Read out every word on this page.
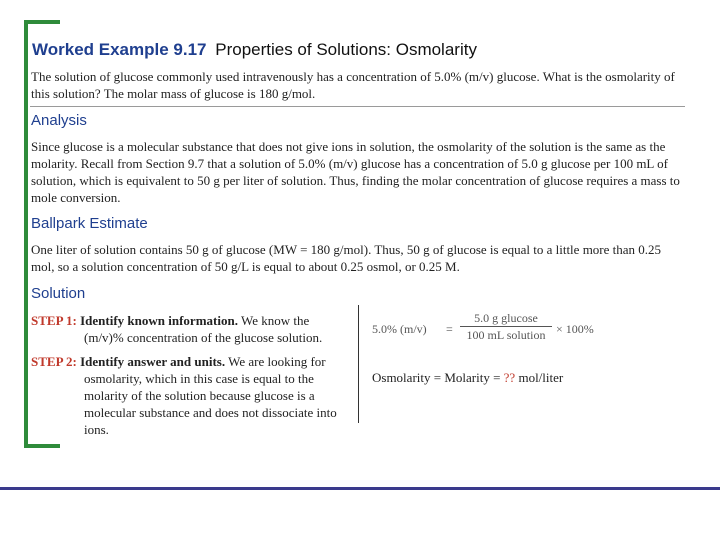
Worked Example 9.17 Properties of Solutions: Osmolarity
The solution of glucose commonly used intravenously has a concentration of 5.0% (m/v) glucose. What is the osmolarity of this solution? The molar mass of glucose is 180 g/mol.
Analysis
Since glucose is a molecular substance that does not give ions in solution, the osmolarity of the solution is the same as the molarity. Recall from Section 9.7 that a solution of 5.0% (m/v) glucose has a concentration of 5.0 g glucose per 100 mL of solution, which is equivalent to 50 g per liter of solution. Thus, finding the molar concentration of glucose requires a mass to mole conversion.
Ballpark Estimate
One liter of solution contains 50 g of glucose (MW = 180 g/mol). Thus, 50 g of glucose is equal to a little more than 0.25 mol, so a solution concentration of 50 g/L is equal to about 0.25 osmol, or 0.25 M.
Solution
STEP 1: Identify known information. We know the
(m/v)% concentration of the glucose solution.
STEP 2: Identify answer and units. We are looking for
osmolarity, which in this case is equal to the molarity of the solution because glucose is a molecular substance and does not dissociate into ions.
5.0% (m/v) =
5.0 g glucose
100 mL solution × 100%
Osmolarity = Molarity = ?? mol/liter
